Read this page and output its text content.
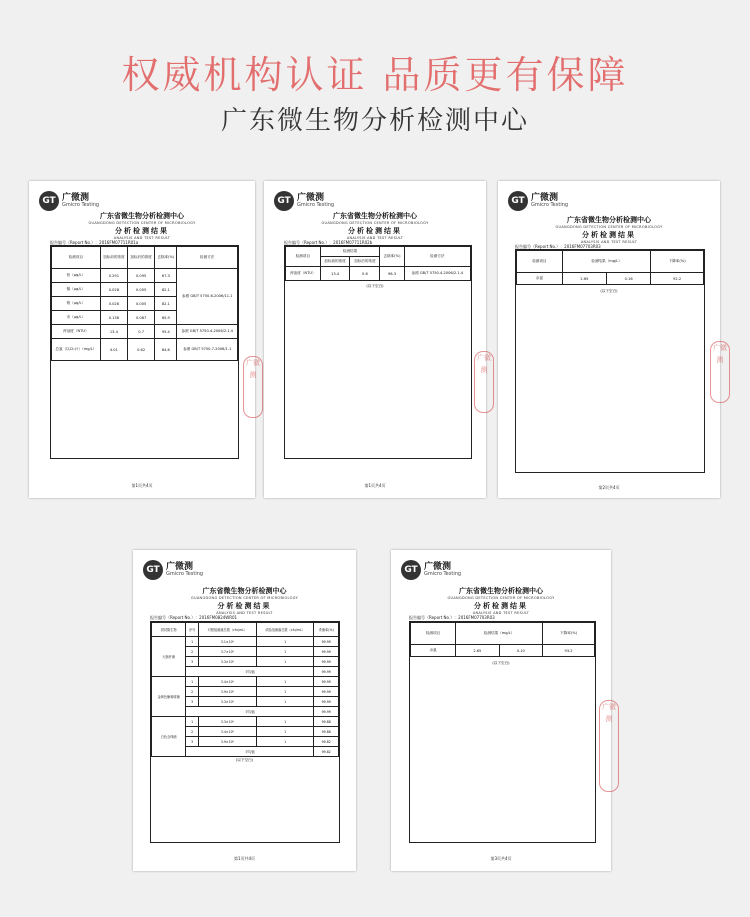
权威机构认证 品质更有保障
广东微生物分析检测中心
GT 广微测
Gmicro Testing
广东省微生物分析检测中心
GUANGDONG DETECTION CENTER OF MICROBIOLOGY
分析检测结果
ANALYSIS AND TEST RESULT
报告编号（Report No.）：2016FM07711R01a
检测项目	加标前的浓度	加标后的浓度	去除率(%)	检测方法
铅（μg/L）	0.291	0.095	67.3	参照 GB/T 5750.6-2006/11.1
镉（μg/L）	0.028	0.005	82.1	
铬（μg/L）	0.028	0.005	82.1	
汞（μg/L）	0.138	0.067	65.9	
浑浊度（NTU）	13.4	0.7	95.4	参照 GB/T 5750.4-2006/2.1.4
总氯（以Cl₂计）（mg/L）	4.01	0.62	84.6	参照 GB/T 5750.7-2006/1.1
广微测
第1页共4页
GT 广微测
Gmicro Testing
广东省微生物分析检测中心
GUANGDONG DETECTION CENTER OF MICROBIOLOGY
分析检测结果
ANALYSIS AND TEST RESULT
报告编号（Report No.）：2016FM07711R02b
检测项目	检测结果		去除率(%)	检测方法
	加标前的浓度	加标后的浓度		
浑浊度（NTU）	13.4	0.6	96.3	参照 GB/T 5750.4-2006/2.1.4
(以下空白)
广微测
第1页共4页
GT 广微测
Gmicro Testing
广东省微生物分析检测中心
GUANGDONG DETECTION CENTER OF MICROBIOLOGY
分析检测结果
ANALYSIS AND TEST RESULT
报告编号（Report No.）：2016FM07703R03
检测项目	检测结果（mg/L）		下降率(%)
余氯	2.65	0.16	92.2
(以下空白)
广微测
第2页共4页
GT 广微测
Gmicro Testing
广东省微生物分析检测中心
GUANGDONG DETECTION CENTER OF MICROBIOLOGY
分析检测结果
ANALYSIS AND TEST RESULT
报告编号（Report No.）：2016FM0824WR01
供试微生物	序号	对照组菌落总数（cfu/mL）	试验组菌落总数（cfu/mL）	杀菌率(%)
大肠杆菌	1	3.1×10⁵	1	99.99
	2	3.7×10⁵	1	99.99
	3	3.3×10⁵	1	99.99
	平均值			99.99
金黄色葡萄球菌	1	3.4×10⁵	1	99.99
	2	3.9×10⁵	1	99.99
	3	3.3×10⁵	1	99.99
	平均值			99.99
白色念珠菌	1	3.3×10⁵	1	99.88
	2	3.4×10⁵	1	99.88
	3	3.9×10⁵	1	99.82
	平均值			99.82
(以下空白)
第1页共4页
GT 广微测
Gmicro Testing
广东省微生物分析检测中心
GUANGDONG DETECTION CENTER OF MICROBIOLOGY
分析检测结果
ANALYSIS AND TEST RESULT
报告编号（Report No.）：2016FM07703R03
检测项目	检测结果（mg/L）		下降率(%)
余氯	2.65	0.10	93.2
(以下空白)
广微测
第3页共4页
